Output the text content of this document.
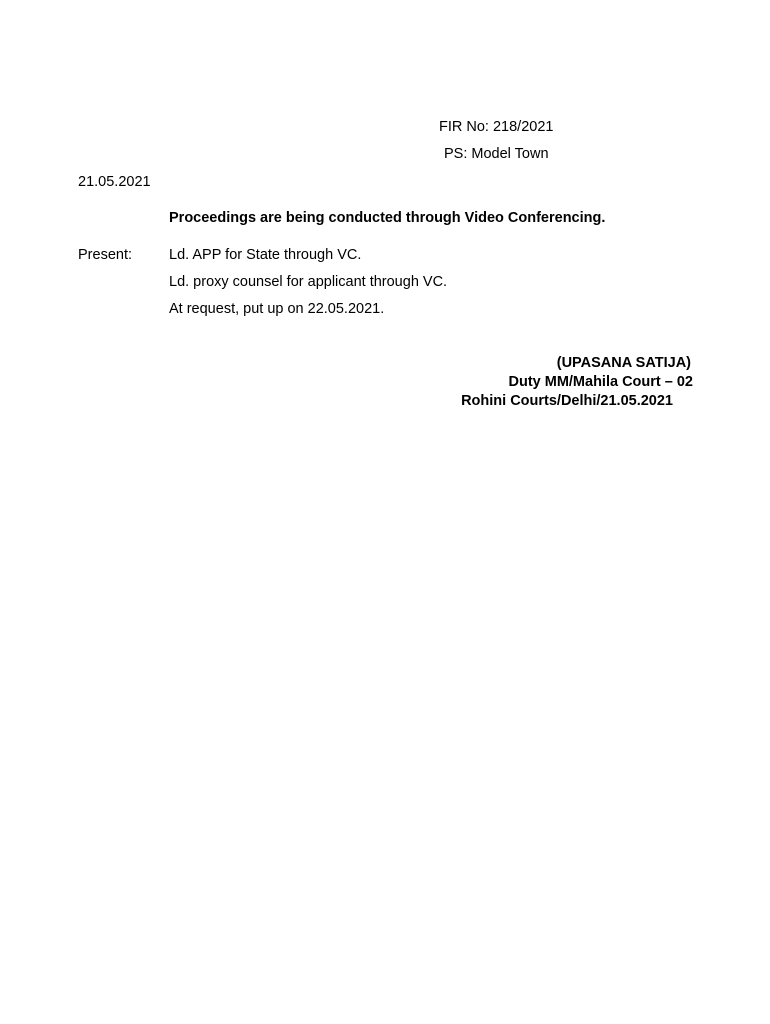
FIR No: 218/2021
PS: Model Town
21.05.2021
Proceedings are being conducted through Video Conferencing.
Present:	Ld. APP for State through VC.
Ld. proxy counsel for applicant through VC.
At request, put up on 22.05.2021.
(UPASANA SATIJA)
Duty MM/Mahila Court – 02
Rohini Courts/Delhi/21.05.2021
